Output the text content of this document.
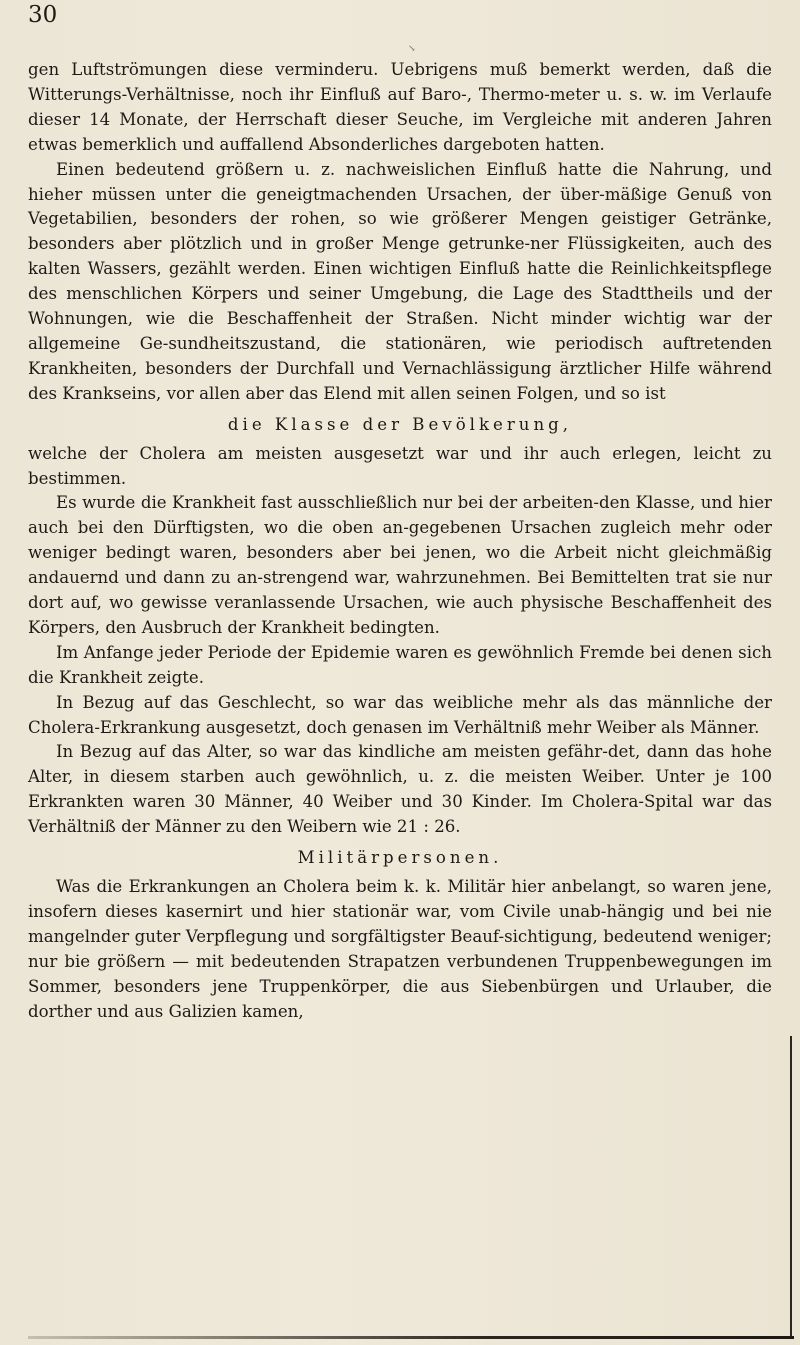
30
↘

gen Luftströmungen diese verminderu. Uebrigens muß bemerkt werden, daß die Witterungs-Verhältnisse, noch ihr Einfluß auf Baro-, Thermo-meter u. s. w. im Verlaufe dieser 14 Monate, der Herrschaft dieser Seuche, im Vergleiche mit anderen Jahren etwas bemerklich und auffallend Absonderliches dargeboten hatten.

Einen bedeutend größern u. z. nachweislichen Einfluß hatte die Nahrung, und hieher müssen unter die geneigtmachenden Ursachen, der über-mäßige Genuß von Vegetabilien, besonders der rohen, so wie größerer Mengen geistiger Getränke, besonders aber plötzlich und in großer Menge getrunke-ner Flüssigkeiten, auch des kalten Wassers, gezählt werden. Einen wichtigen Einfluß hatte die Reinlichkeitspflege des menschlichen Körpers und seiner Umgebung, die Lage des Stadttheils und der Wohnungen, wie die Beschaffenheit der Straßen. Nicht minder wichtig war der allgemeine Ge-sundheitszustand, die stationären, wie periodisch auftretenden Krankheiten, besonders der Durchfall und Vernachlässigung ärztlicher Hilfe während des Krankseins, vor allen aber das Elend mit allen seinen Folgen, und so ist

die Klasse der Bevölkerung,

welche der Cholera am meisten ausgesetzt war und ihr auch erlegen, leicht zu bestimmen.

Es wurde die Krankheit fast ausschließlich nur bei der arbeiten-den Klasse, und hier auch bei den Dürftigsten, wo die oben an-gegebenen Ursachen zugleich mehr oder weniger bedingt waren, besonders aber bei jenen, wo die Arbeit nicht gleichmäßig andauernd und dann zu an-strengend war, wahrzunehmen. Bei Bemittelten trat sie nur dort auf, wo gewisse veranlassende Ursachen, wie auch physische Beschaffenheit des Körpers, den Ausbruch der Krankheit bedingten.

Im Anfange jeder Periode der Epidemie waren es gewöhnlich Fremde bei denen sich die Krankheit zeigte.

In Bezug auf das Geschlecht, so war das weibliche mehr als das männliche der Cholera-Erkrankung ausgesetzt, doch genasen im Verhältniß mehr Weiber als Männer.

In Bezug auf das Alter, so war das kindliche am meisten gefähr-det, dann das hohe Alter, in diesem starben auch gewöhnlich, u. z. die meisten Weiber. Unter je 100 Erkrankten waren 30 Männer, 40 Weiber und 30 Kinder. Im Cholera-Spital war das Verhältniß der Männer zu den Weibern wie 21 : 26.

Militärpersonen.

Was die Erkrankungen an Cholera beim k. k. Militär hier anbelangt, so waren jene, insofern dieses kasernirt und hier stationär war, vom Civile unab-hängig und bei nie mangelnder guter Verpflegung und sorgfältigster Beauf-sichtigung, bedeutend weniger; nur bie größern — mit bedeutenden Strapatzen verbundenen Truppenbewegungen im Sommer, besonders jene Truppenkörper, die aus Siebenbürgen und Urlauber, die dorther und aus Galizien kamen,
